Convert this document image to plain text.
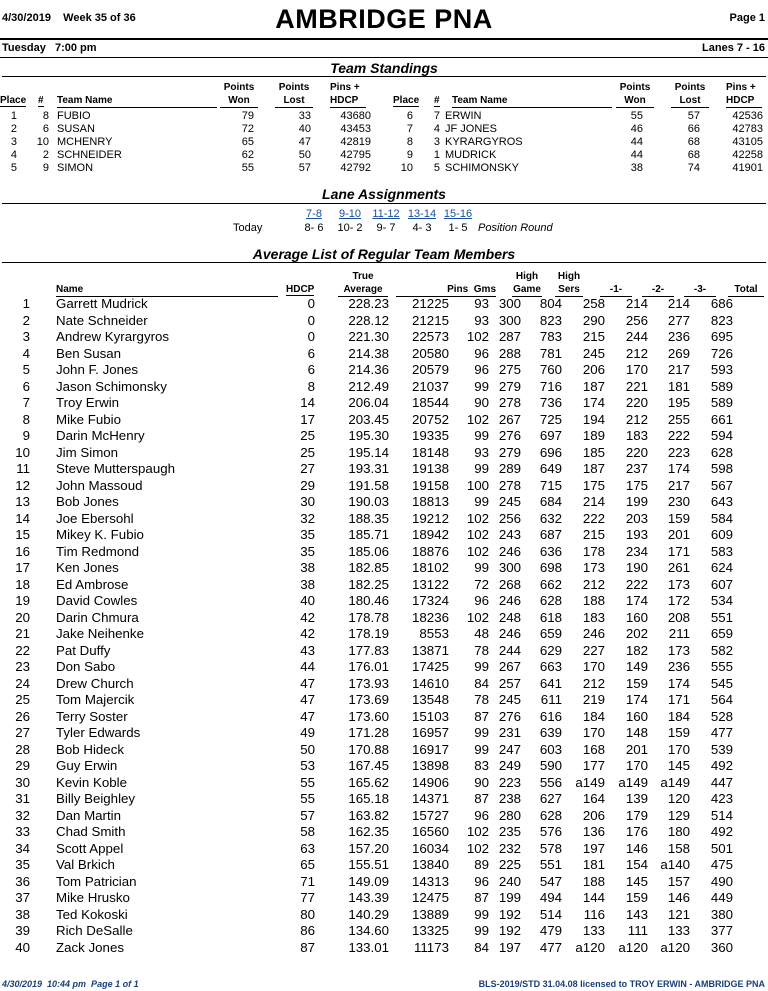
4/30/2019 Week 35 of 36	AMBRIDGE PNA	Page 1
Tuesday   7:00 pm	Lanes 7 - 16
Team Standings
Place # Team Name
Points
Won
Points
Lost
Pins +
HDCP	Place # Team Name
Points
Won
Points
Lost
Pins +
HDCP
1	8		FUBIO	79	33	43680
2	6		SUSAN	72	40	43453
3	10		MCHENRY	65	47	42819
4	2		SCHNEIDER	62	50	42795
5	9		SIMON	55	57	42792
6	7		ERWIN	55	57	42536
7	4		JF JONES	46	66	42783
8	3		KYRARGYROS	44	68	43105
9	1		MUDRICK	44	68	42258
10	5		SCHIMONSKY	38	74	41901
Lane Assignments
7-8	9-10	11-12 13-14 15-16
Today	8- 6	10- 2	9- 7	4- 3	1- 5 Position Round
Average List of Regular Team Members
Name	HDCP
True
Average	Pins  Gms
High
Game
High
Sers	-1-	-2-	-3-	Total
1		Garrett Mudrick	0	228.23	21225	93	300	804	258	214	214	686
2		Nate Schneider	0	228.12	21215	93	300	823	290	256	277	823
3		Andrew Kyrargyros	0	221.30	22573	102	287	783	215	244	236	695
4		Ben Susan	6	214.38	20580	96	288	781	245	212	269	726
5		John F. Jones	6	214.36	20579	96	275	760	206	170	217	593
6		Jason Schimonsky	8	212.49	21037	99	279	716	187	221	181	589
7		Troy Erwin	14	206.04	18544	90	278	736	174	220	195	589
8		Mike Fubio	17	203.45	20752	102	267	725	194	212	255	661
9		Darin McHenry	25	195.30	19335	99	276	697	189	183	222	594
10		Jim Simon	25	195.14	18148	93	279	696	185	220	223	628
11		Steve Mutterspaugh	27	193.31	19138	99	289	649	187	237	174	598
12		John Massoud	29	191.58	19158	100	278	715	175	175	217	567
13		Bob Jones	30	190.03	18813	99	245	684	214	199	230	643
14		Joe Ebersohl	32	188.35	19212	102	256	632	222	203	159	584
15		Mikey K. Fubio	35	185.71	18942	102	243	687	215	193	201	609
16		Tim Redmond	35	185.06	18876	102	246	636	178	234	171	583
17		Ken Jones	38	182.85	18102	99	300	698	173	190	261	624
18		Ed Ambrose	38	182.25	13122	72	268	662	212	222	173	607
19		David Cowles	40	180.46	17324	96	246	628	188	174	172	534
20		Darin Chmura	42	178.78	18236	102	248	618	183	160	208	551
21		Jake Neihenke	42	178.19	8553	48	246	659	246	202	211	659
22		Pat Duffy	43	177.83	13871	78	244	629	227	182	173	582
23		Don Sabo	44	176.01	17425	99	267	663	170	149	236	555
24		Drew Church	47	173.93	14610	84	257	641	212	159	174	545
25		Tom Majercik	47	173.69	13548	78	245	611	219	174	171	564
26		Terry Soster	47	173.60	15103	87	276	616	184	160	184	528
27		Tyler Edwards	49	171.28	16957	99	231	639	170	148	159	477
28		Bob Hideck	50	170.88	16917	99	247	603	168	201	170	539
29		Guy Erwin	53	167.45	13898	83	249	590	177	170	145	492
30		Kevin Koble	55	165.62	14906	90	223	556	a149	a149	a149	447
31		Billy Beighley	55	165.18	14371	87	238	627	164	139	120	423
32		Dan Martin	57	163.82	15727	96	280	628	206	179	129	514
33		Chad Smith	58	162.35	16560	102	235	576	136	176	180	492
34		Scott Appel	63	157.20	16034	102	232	578	197	146	158	501
35		Val Brkich	65	155.51	13840	89	225	551	181	154	a140	475
36		Tom Patrician	71	149.09	14313	96	240	547	188	145	157	490
37		Mike Hrusko	77	143.39	12475	87	199	494	144	159	146	449
38		Ted Kokoski	80	140.29	13889	99	192	514	116	143	121	380
39		Rich DeSalle	86	134.60	13325	99	192	479	133	111	133	377
40		Zack Jones	87	133.01	11173	84	197	477	a120	a120	a120	360
4/30/2019  10:44 pm  Page 1 of 1	BLS-2019/STD 31.04.08 licensed to TROY ERWIN - AMBRIDGE PNA
